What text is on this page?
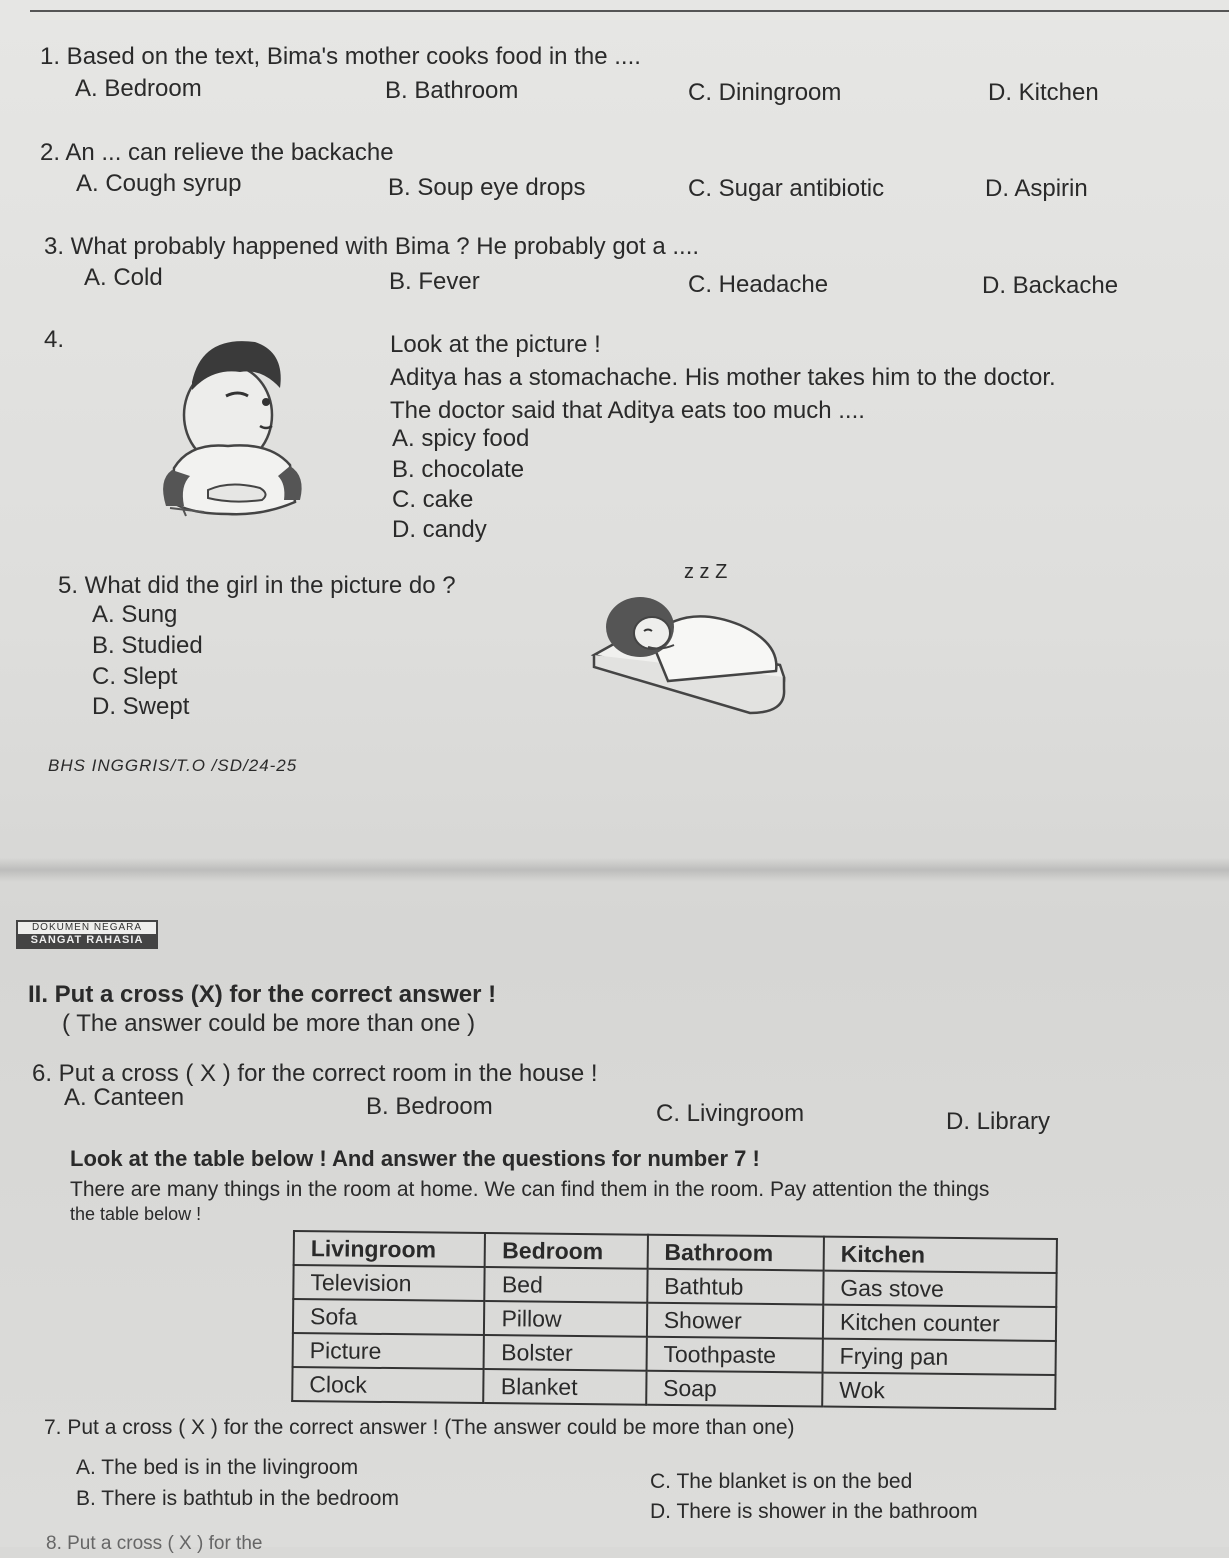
1. Based on the text, Bima's mother cooks food in the ....
A. Bedroom	B. Bathroom	C. Diningroom	D. Kitchen
2. An ... can relieve the backache
A. Cough syrup	B. Soup eye drops	C. Sugar antibiotic	D. Aspirin
3. What probably happened with Bima ? He probably got a ....
A. Cold	B. Fever	C. Headache	D. Backache
4.	Look at the picture !
Aditya has a stomachache. His mother takes him to the doctor.
The doctor said that Aditya eats too much ....
A. spicy food
B. chocolate
C. cake
D. candy
5. What did the girl in the picture do ?
A. Sung
B. Studied
C. Slept
D. Swept
z z Z
BHS INGGRIS/T.O /SD/24-25
DOKUMEN NEGARA
SANGAT RAHASIA
II. Put a cross (X) for the correct answer !
( The answer could be more than one )
6. Put a cross ( X ) for the correct room in the house !
A. Canteen	B. Bedroom	C. Livingroom	D. Library
Look at the table below ! And answer the questions for number 7 !
There are many things in the room at home. We can find them in the room. Pay attention the things
the table below !
Livingroom	Bedroom	Bathroom	Kitchen
Television	Bed	Bathtub	Gas stove
Sofa	Pillow	Shower	Kitchen counter
Picture	Bolster	Toothpaste	Frying pan
Clock	Blanket	Soap	Wok
7. Put a cross ( X ) for the correct answer ! (The answer could be more than one)
A. The bed is in the livingroom
B. There is bathtub in the bedroom
C. The blanket is on the bed
D. There is shower in the bathroom
8. Put a cross ( X ) for the
